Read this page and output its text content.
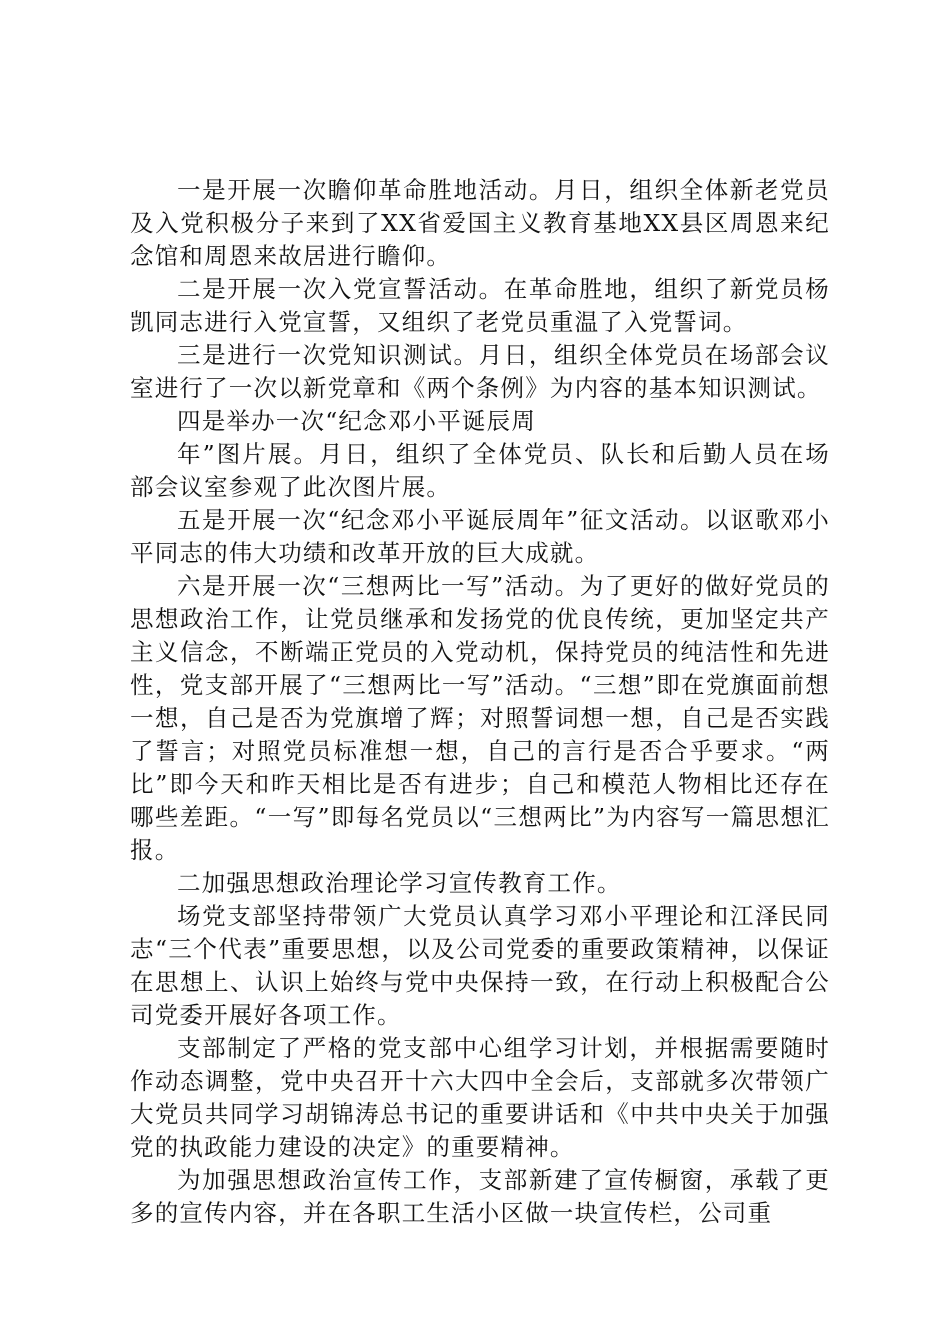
一是开展一次瞻仰革命胜地活动。月日，组织全体新老党员及入党积极分子来到了XX省爱国主义教育基地XX县区周恩来纪念馆和周恩来故居进行瞻仰。

二是开展一次入党宣誓活动。在革命胜地，组织了新党员杨凯同志进行入党宣誓，又组织了老党员重温了入党誓词。

三是进行一次党知识测试。月日，组织全体党员在场部会议室进行了一次以新党章和《两个条例》为内容的基本知识测试。

四是举办一次“纪念邓小平诞辰周

年”图片展。月日，组织了全体党员、队长和后勤人员在场部会议室参观了此次图片展。

五是开展一次“纪念邓小平诞辰周年”征文活动。以讴歌邓小平同志的伟大功绩和改革开放的巨大成就。

六是开展一次“三想两比一写”活动。为了更好的做好党员的思想政治工作，让党员继承和发扬党的优良传统，更加坚定共产主义信念，不断端正党员的入党动机，保持党员的纯洁性和先进性，党支部开展了“三想两比一写”活动。“三想”即在党旗面前想一想，自己是否为党旗增了辉；对照誓词想一想，自己是否实践了誓言；对照党员标准想一想，自己的言行是否合乎要求。“两比”即今天和昨天相比是否有进步；自己和模范人物相比还存在哪些差距。“一写”即每名党员以“三想两比”为内容写一篇思想汇报。

二加强思想政治理论学习宣传教育工作。

场党支部坚持带领广大党员认真学习邓小平理论和江泽民同志“三个代表”重要思想，以及公司党委的重要政策精神，以保证在思想上、认识上始终与党中央保持一致，在行动上积极配合公司党委开展好各项工作。

支部制定了严格的党支部中心组学习计划，并根据需要随时作动态调整，党中央召开十六大四中全会后，支部就多次带领广大党员共同学习胡锦涛总书记的重要讲话和《中共中央关于加强党的执政能力建设的决定》的重要精神。

为加强思想政治宣传工作，支部新建了宣传橱窗，承载了更多的宣传内容，并在各职工生活小区做一块宣传栏，公司重
